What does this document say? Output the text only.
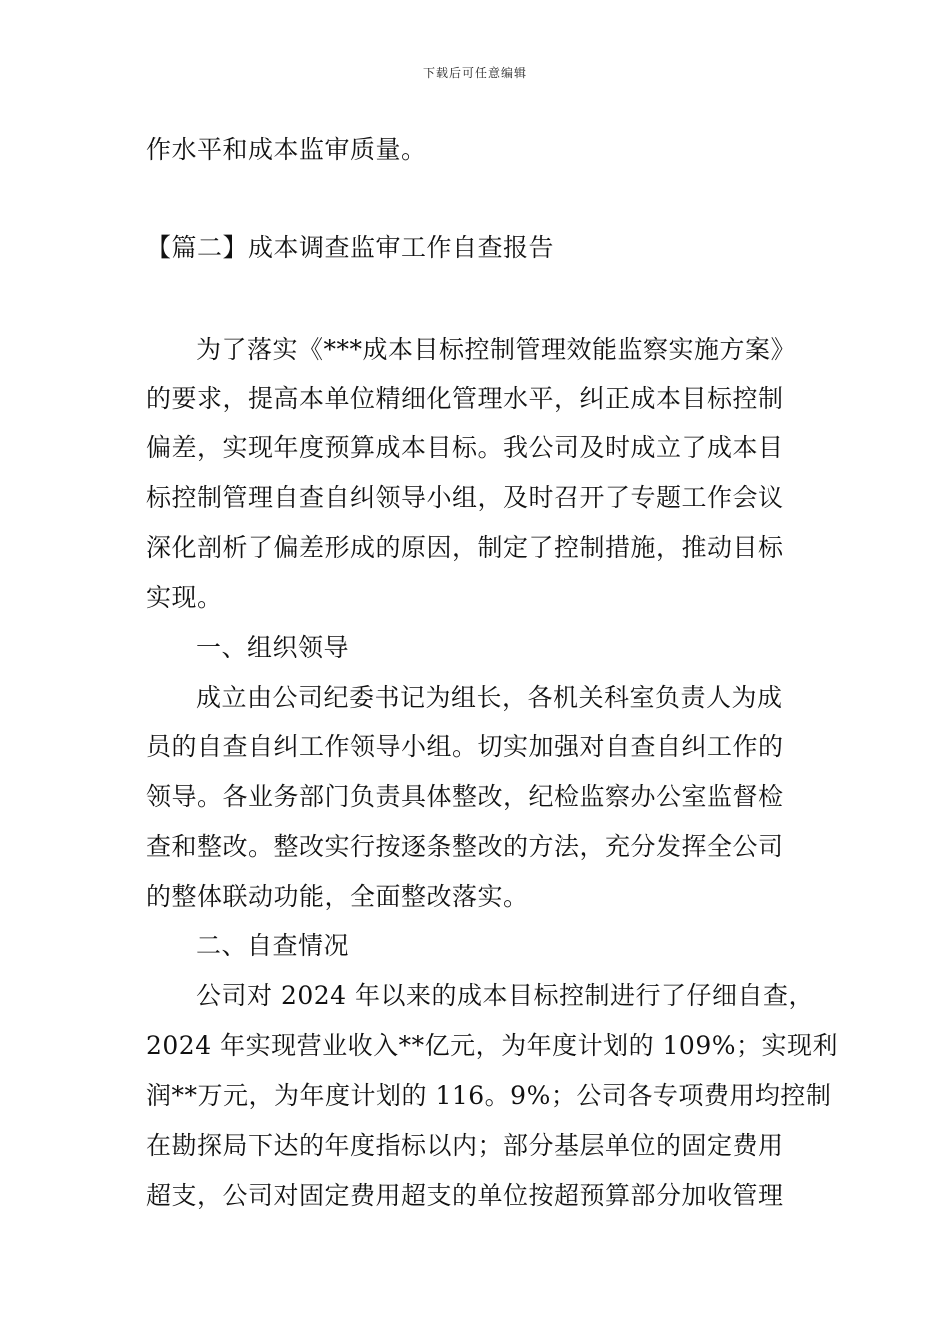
下载后可任意编辑
作水平和成本监审质量。
【篇二】成本调查监审工作自查报告
为了落实《***成本目标控制管理效能监察实施方案》
的要求，提高本单位精细化管理水平，纠正成本目标控制
偏差，实现年度预算成本目标。我公司及时成立了成本目
标控制管理自查自纠领导小组，及时召开了专题工作会议
深化剖析了偏差形成的原因，制定了控制措施，推动目标
实现。
一、组织领导
成立由公司纪委书记为组长，各机关科室负责人为成
员的自查自纠工作领导小组。切实加强对自查自纠工作的
领导。各业务部门负责具体整改，纪检监察办公室监督检
查和整改。整改实行按逐条整改的方法，充分发挥全公司
的整体联动功能，全面整改落实。
二、自查情况
公司对 2024 年以来的成本目标控制进行了仔细自查，
2024 年实现营业收入**亿元，为年度计划的 109%；实现利
润**万元，为年度计划的 116。9%；公司各专项费用均控制
在勘探局下达的年度指标以内；部分基层单位的固定费用
超支，公司对固定费用超支的单位按超预算部分加收管理
